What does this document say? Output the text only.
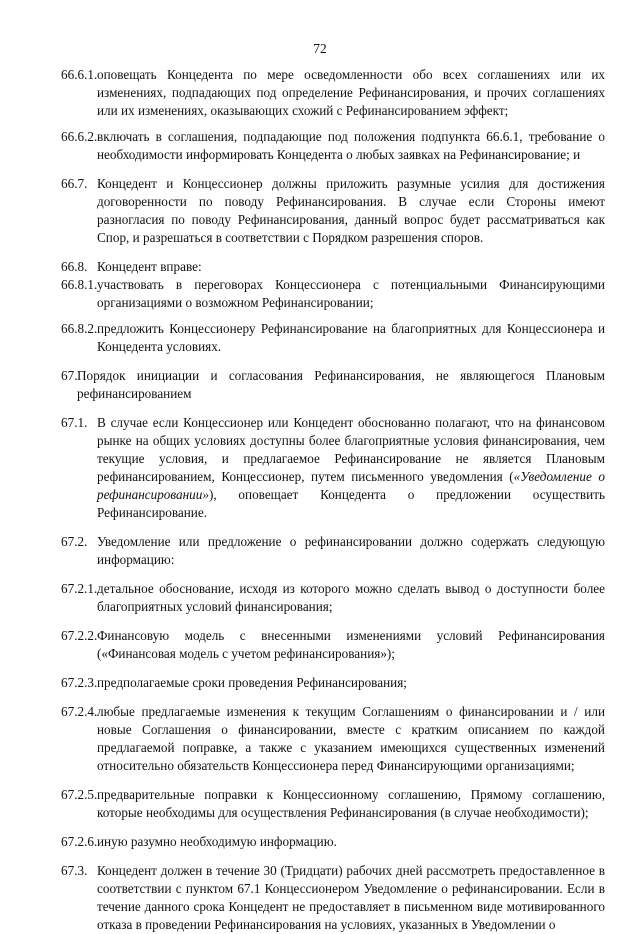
72
66.6.1. оповещать Концедента по мере осведомленности обо всех соглашениях или их изменениях, подпадающих под определение Рефинансирования, и прочих соглашениях или их изменениях, оказывающих схожий с Рефинансированием эффект;
66.6.2. включать в соглашения, подпадающие под положения подпункта 66.6.1, требование о необходимости информировать Концедента о любых заявках на Рефинансирование; и
66.7. Концедент и Концессионер должны приложить разумные усилия для достижения договоренности по поводу Рефинансирования. В случае если Стороны имеют разногласия по поводу Рефинансирования, данный вопрос будет рассматриваться как Спор, и разрешаться в соответствии с Порядком разрешения споров.
66.8. Концедент вправе:
66.8.1. участвовать в переговорах Концессионера с потенциальными Финансирующими организациями о возможном Рефинансировании;
66.8.2. предложить Концессионеру Рефинансирование на благоприятных для Концессионера и Концедента условиях.
67. Порядок инициации и согласования Рефинансирования, не являющегося Плановым рефинансированием
67.1. В случае если Концессионер или Концедент обоснованно полагают, что на финансовом рынке на общих условиях доступны более благоприятные условия финансирования, чем текущие условия, и предлагаемое Рефинансирование не является Плановым рефинансированием, Концессионер, путем письменного уведомления («Уведомление о рефинансировании»), оповещает Концедента о предложении осуществить Рефинансирование.
67.2. Уведомление или предложение о рефинансировании должно содержать следующую информацию:
67.2.1. детальное обоснование, исходя из которого можно сделать вывод о доступности более благоприятных условий финансирования;
67.2.2. Финансовую модель с внесенными изменениями условий Рефинансирования («Финансовая модель с учетом рефинансирования»);
67.2.3. предполагаемые сроки проведения Рефинансирования;
67.2.4. любые предлагаемые изменения к текущим Соглашениям о финансировании и / или новые Соглашения о финансировании, вместе с кратким описанием по каждой предлагаемой поправке, а также с указанием имеющихся существенных изменений относительно обязательств Концессионера перед Финансирующими организациями;
67.2.5. предварительные поправки к Концессионному соглашению, Прямому соглашению, которые необходимы для осуществления Рефинансирования (в случае необходимости);
67.2.6. иную разумно необходимую информацию.
67.3. Концедент должен в течение 30 (Тридцати) рабочих дней рассмотреть предоставленное в соответствии с пунктом 67.1 Концессионером Уведомление о рефинансировании. Если в течение данного срока Концедент не предоставляет в письменном виде мотивированного отказа в проведении Рефинансирования на условиях, указанных в Уведомлении о
